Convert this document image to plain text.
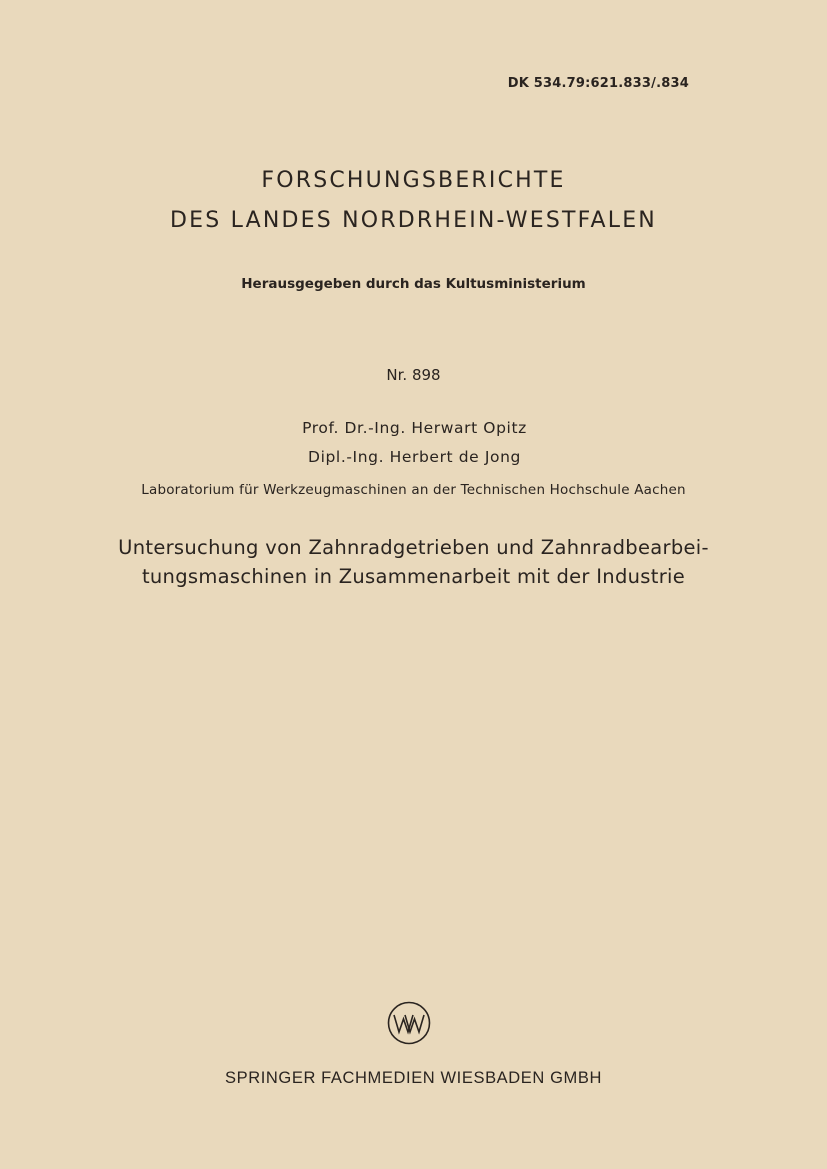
DK 534.79:621.833/.834
FORSCHUNGSBERICHTE
DES LANDES NORDRHEIN-WESTFALEN
Herausgegeben durch das Kultusministerium
Nr. 898
Prof. Dr.-Ing. Herwart Opitz
Dipl.-Ing. Herbert de Jong
Laboratorium für Werkzeugmaschinen an der Technischen Hochschule Aachen
Untersuchung von Zahnradgetrieben und Zahnradbearbei-
tungsmaschinen in Zusammenarbeit mit der Industrie
SPRINGER FACHMEDIEN WIESBADEN GMBH
